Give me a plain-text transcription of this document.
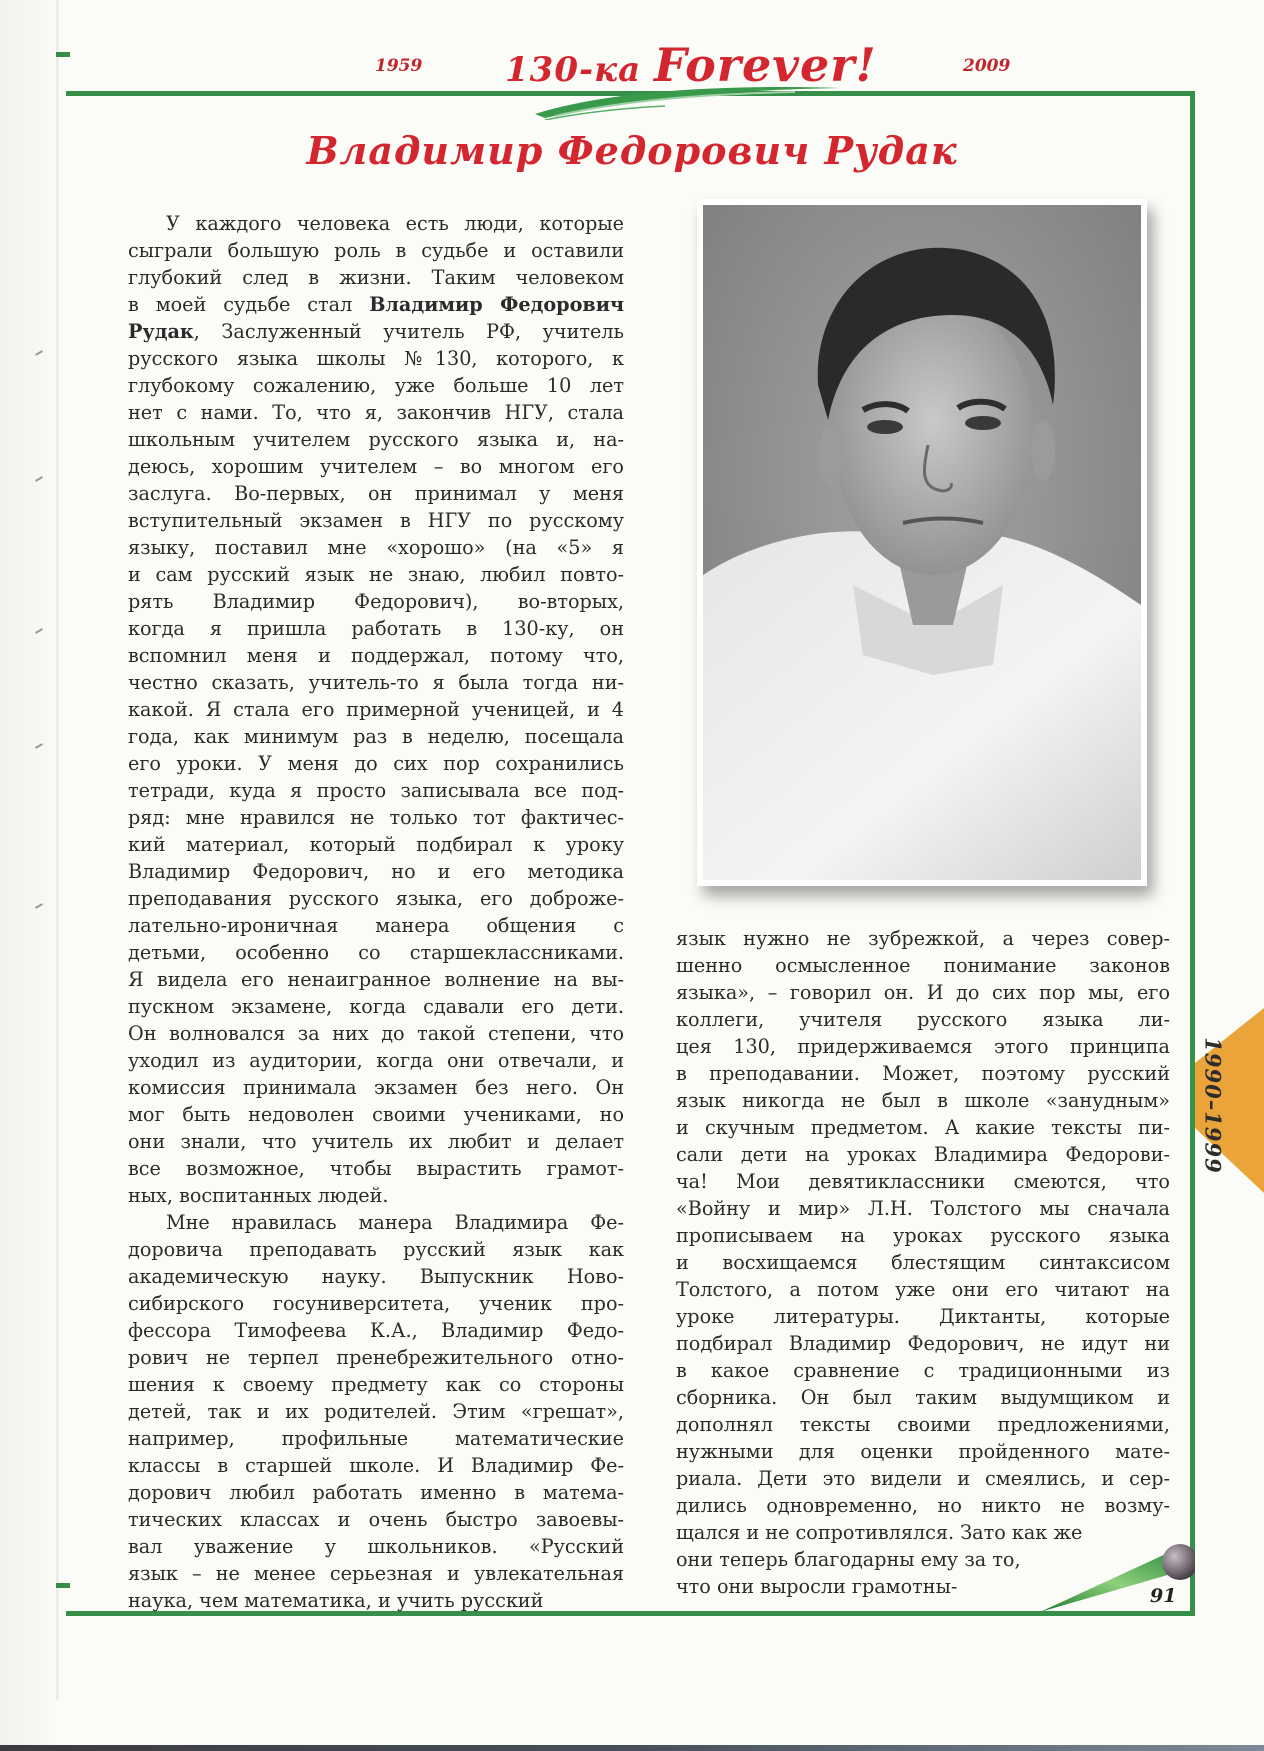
1959	2009
130-ка Forever!
Владимир Федорович Рудак
У каждого человека есть люди, которые
сыграли большую роль в судьбе и оставили
глубокий след в жизни. Таким человеком
в моей судьбе стал Владимир Федорович
Рудак, Заслуженный учитель РФ, учитель
русского языка школы №130, которого, к
глубокому сожалению, уже больше 10 лет
нет с нами. То, что я, закончив НГУ, стала
школьным учителем русского языка и, на-
деюсь, хорошим учителем – во многом его
заслуга. Во-первых, он принимал у меня
вступительный экзамен в НГУ по русскому
языку, поставил мне «хорошо» (на «5» я
и сам русский язык не знаю, любил повто-
рять Владимир Федорович), во-вторых,
когда я пришла работать в 130-ку, он
вспомнил меня и поддержал, потому что,
честно сказать, учитель-то я была тогда ни-
какой. Я стала его примерной ученицей, и 4
года, как минимум раз в неделю, посещала
его уроки. У меня до сих пор сохранились
тетради, куда я просто записывала все под-
ряд: мне нравился не только тот фактичес-
кий материал, который подбирал к уроку
Владимир Федорович, но и его методика
преподавания русского языка, его доброже-
лательно-ироничная манера общения с
детьми, особенно со старшеклассниками.
Я видела его ненаигранное волнение на вы-
пускном экзамене, когда сдавали его дети.
Он волновался за них до такой степени, что
уходил из аудитории, когда они отвечали, и
комиссия принимала экзамен без него. Он
мог быть недоволен своими учениками, но
они знали, что учитель их любит и делает
все возможное, чтобы вырастить грамот-
ных, воспитанных людей.
Мне нравилась манера Владимира Фе-
доровича преподавать русский язык как
академическую науку. Выпускник Ново-
сибирского госуниверситета, ученик про-
фессора Тимофеева К.А., Владимир Федо-
рович не терпел пренебрежительного отно-
шения к своему предмету как со стороны
детей, так и их родителей. Этим «грешат»,
например, профильные математические
классы в старшей школе. И Владимир Фе-
дорович любил работать именно в матема-
тических классах и очень быстро завоевы-
вал уважение у школьников. «Русский
язык – не менее серьезная и увлекательная
наука, чем математика, и учить русский
язык нужно не зубрежкой, а через совер-
шенно осмысленное понимание законов
языка», – говорил он. И до сих пор мы, его
коллеги, учителя русского языка ли-
цея 130, придерживаемся этого принципа
в преподавании. Может, поэтому русский
язык никогда не был в школе «занудным»
и скучным предметом. А какие тексты пи-
сали дети на уроках Владимира Федорови-
ча! Мои девятиклассники смеются, что
«Войну и мир» Л.Н. Толстого мы сначала
прописываем на уроках русского языка
и восхищаемся блестящим синтаксисом
Толстого, а потом уже они его читают на
уроке литературы. Диктанты, которые
подбирал Владимир Федорович, не идут ни
в какое сравнение с традиционными из
сборника. Он был таким выдумщиком и
дополнял тексты своими предложениями,
нужными для оценки пройденного мате-
риала. Дети это видели и смеялись, и сер-
дились одновременно, но никто не возму-
щался и не сопротивлялся. Зато как же
они теперь благодарны ему за то,
что они выросли грамотны-
1990–1999
91
